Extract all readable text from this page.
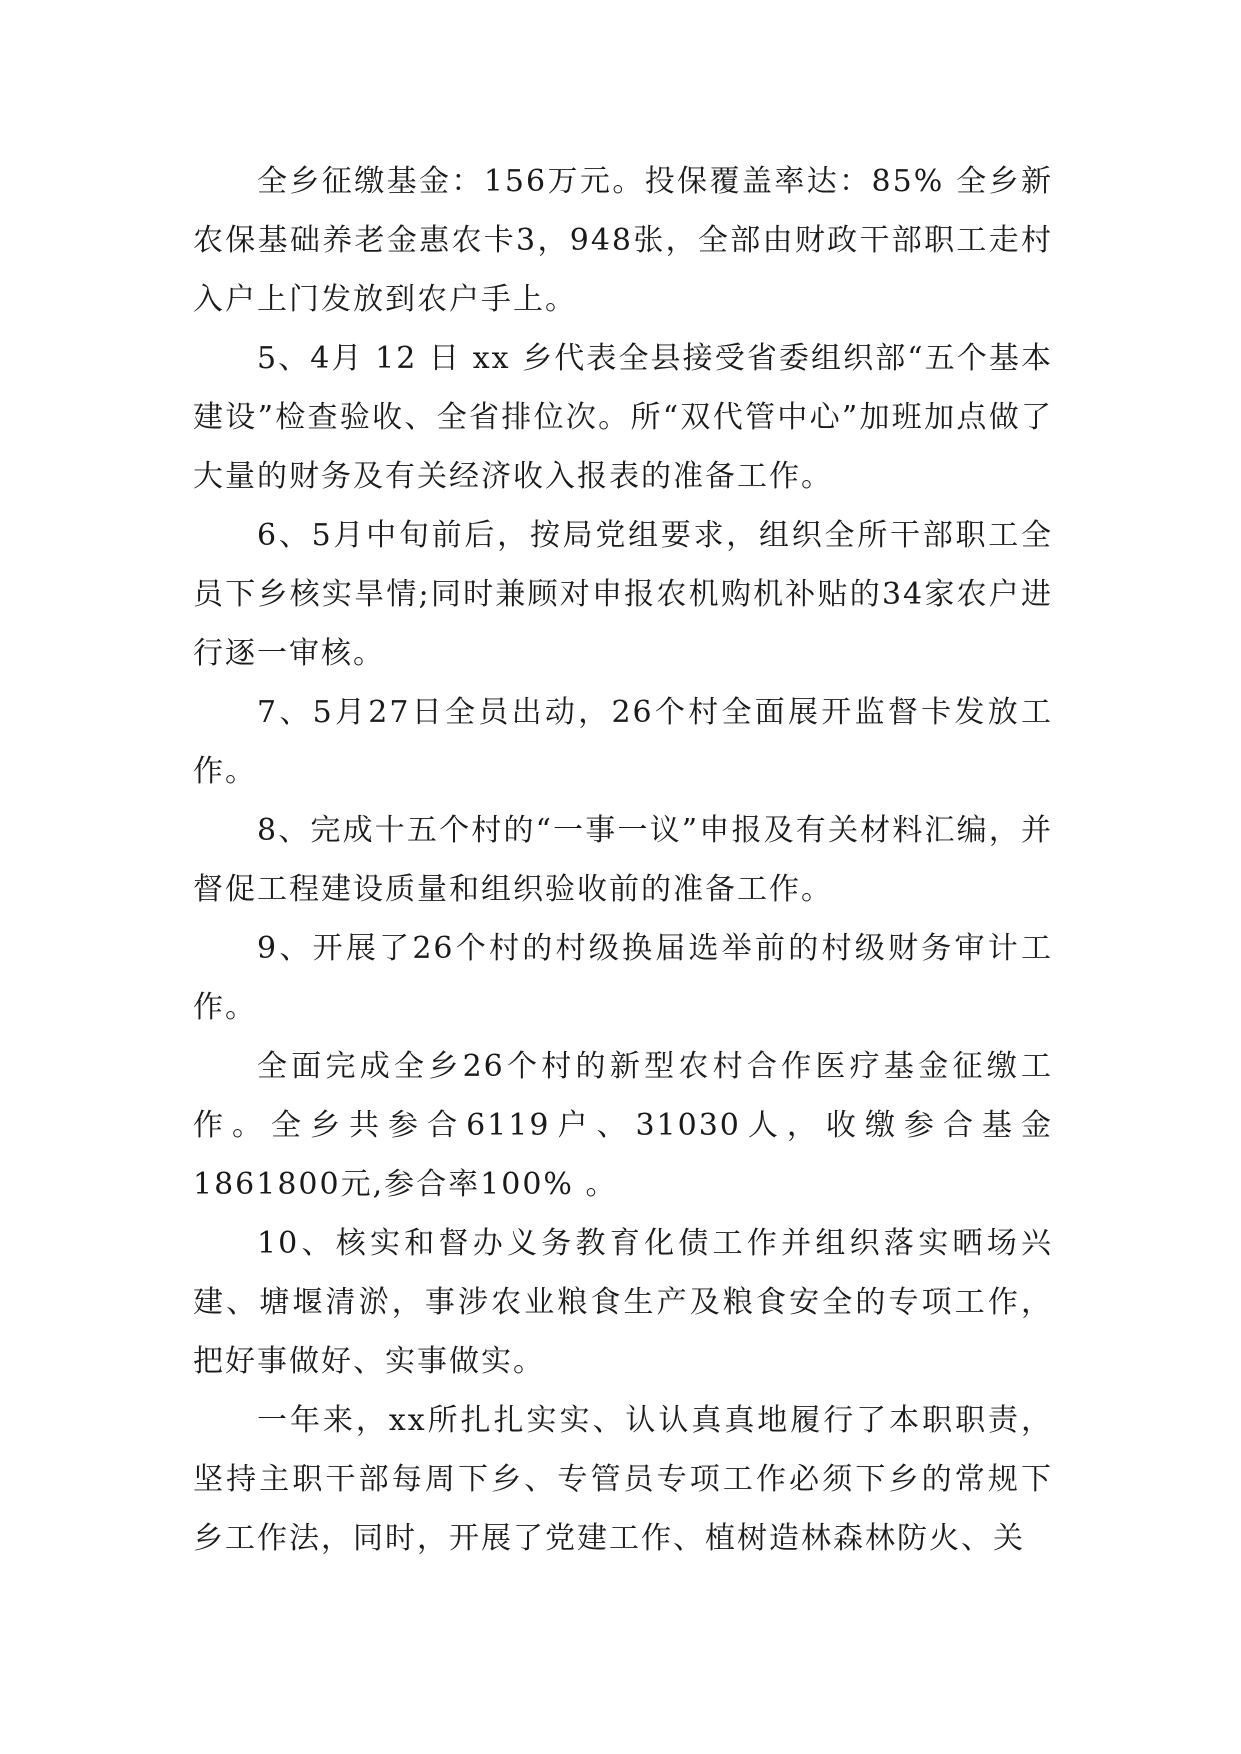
全乡征缴基金：156万元。投保覆盖率达：85% 全乡新农保基础养老金惠农卡3，948张，全部由财政干部职工走村入户上门发放到农户手上。

5、4月 12 日 xx 乡代表全县接受省委组织部“五个基本建设”检查验收、全省排位次。所“双代管中心”加班加点做了大量的财务及有关经济收入报表的准备工作。

6、5月中旬前后，按局党组要求，组织全所干部职工全员下乡核实旱情;同时兼顾对申报农机购机补贴的34家农户进行逐一审核。

7、5月27日全员出动，26个村全面展开监督卡发放工作。

8、完成十五个村的“一事一议”申报及有关材料汇编，并督促工程建设质量和组织验收前的准备工作。

9、开展了26个村的村级换届选举前的村级财务审计工作。

全面完成全乡26个村的新型农村合作医疗基金征缴工作。全乡共参合6119户、31030人，收缴参合基金1861800元,参合率100% 。

10、核实和督办义务教育化债工作并组织落实晒场兴建、塘堰清淤，事涉农业粮食生产及粮食安全的专项工作，把好事做好、实事做实。

一年来，xx所扎扎实实、认认真真地履行了本职职责，坚持主职干部每周下乡、专管员专项工作必须下乡的常规下乡工作法，同时，开展了党建工作、植树造林森林防火、关
